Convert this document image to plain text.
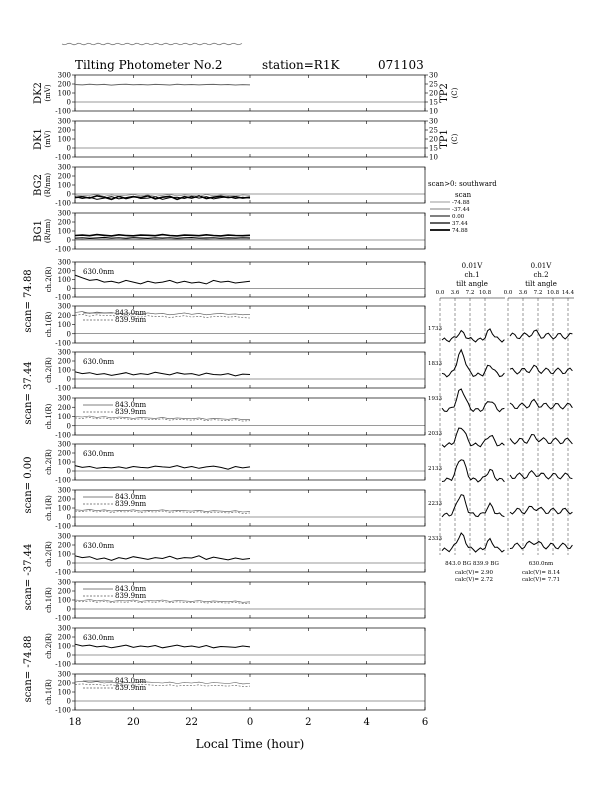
Tilting Photometer No.2	station=R1K	071103
300
200
100
0
-100
DK2 (mV)
30
25
20
15
10
TP2 (C)
300
200
100
0
-100
DK1 (mV)
30
25
20
15
10
TP1 (C)
300
200
100
0
-100
BG2 (R/nm)
300
200
100
0
-100
BG1 (R/nm)
300
200
100
0
-100
ch.2(R)	630.0nm
300
200
100
0
-100
ch.1(R)	843.0nm
839.9nm
scan= 74.88
300
200
100
0
-100
ch.2(R)	630.0nm
300
200
100
0
-100
ch.1(R)	843.0nm
839.9nm
scan= 37.44
300
200
100
0
-100
ch.2(R)	630.0nm
300
200
100
0
-100
ch.1(R)	843.0nm
839.9nm
scan= 0.00
300
200
100
0
-100
ch.2(R)	630.0nm
300
200
100
0
-100
ch.1(R)	843.0nm
839.9nm
scan= -37.44
300
200
100
0
-100
ch.2(R)	630.0nm
300
200
100
0
-100
ch.1(R)	843.0nm
839.9nm
scan= -74.88
18	20	22	0	2	4	6
Local Time (hour)
scan>0: southward
scan
-74.88
-37.44
0.00
37.44
74.88
0.01V
ch.1
0.01V
ch.2
tilt angle	tilt angle
0.0 3.6 7.2 10.8 0.0 3.6 7.2 10.8 14.4
1733
1833
1933
2033
2133
2233
2333
843.0 BG 839.9 BG	630.0nm
calc(V)= 2.90
calc(V)= 2.72
calc(V)= 8.14
calc(V)= 7.71
